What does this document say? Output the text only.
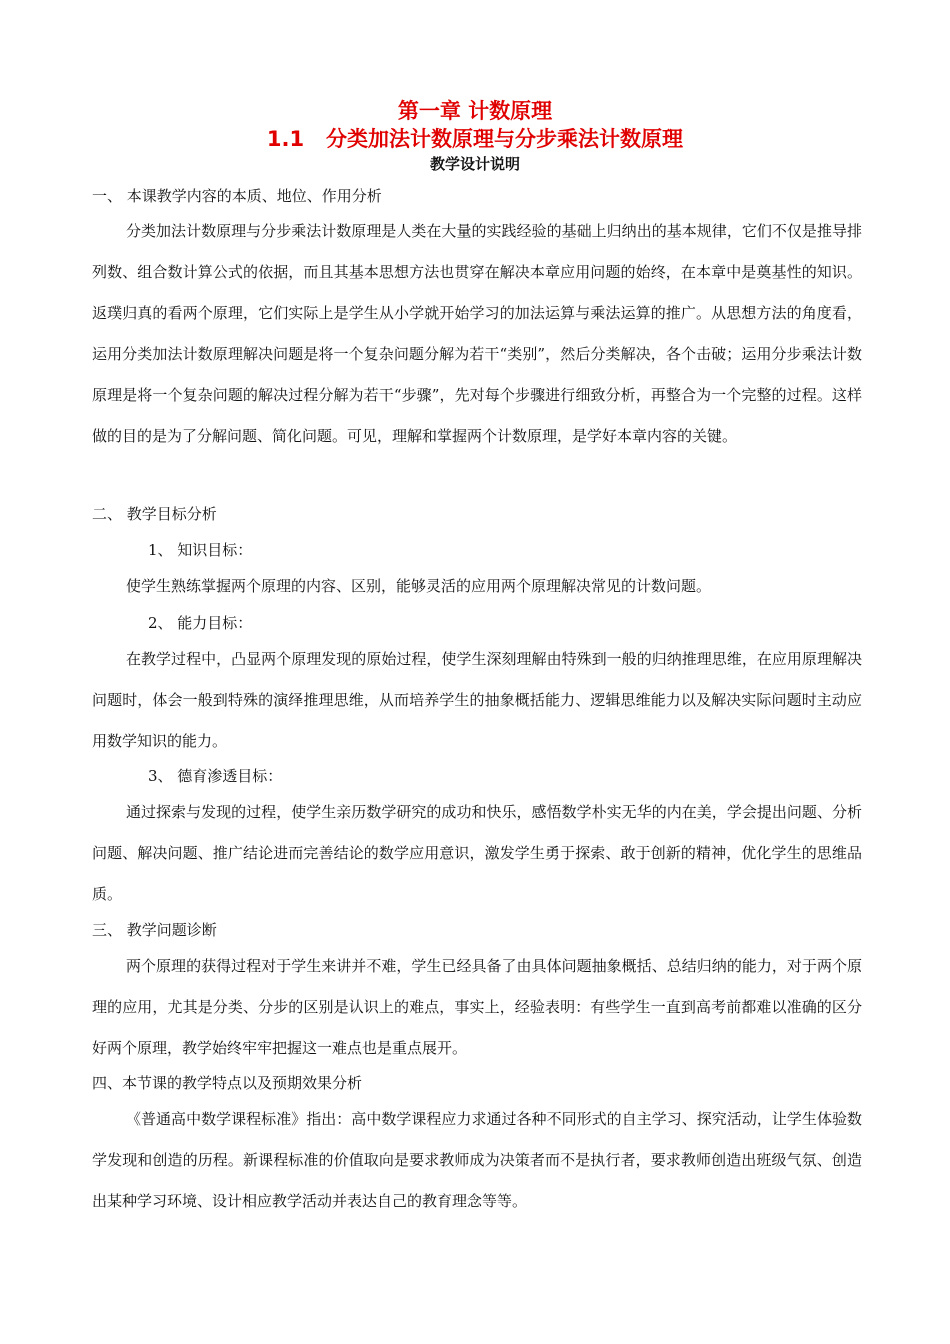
第一章 计数原理
1.1   分类加法计数原理与分步乘法计数原理
教学设计说明
一、 本课教学内容的本质、地位、作用分析
分类加法计数原理与分步乘法计数原理是人类在大量的实践经验的基础上归纳出的基本规律，它们不仅是推导排列数、组合数计算公式的依据，而且其基本思想方法也贯穿在解决本章应用问题的始终，在本章中是奠基性的知识。返璞归真的看两个原理，它们实际上是学生从小学就开始学习的加法运算与乘法运算的推广。从思想方法的角度看，运用分类加法计数原理解决问题是将一个复杂问题分解为若干“类别”，然后分类解决，各个击破；运用分步乘法计数原理是将一个复杂问题的解决过程分解为若干“步骤”，先对每个步骤进行细致分析，再整合为一个完整的过程。这样做的目的是为了分解问题、简化问题。可见，理解和掌握两个计数原理，是学好本章内容的关键。
二、 教学目标分析
1、 知识目标：
使学生熟练掌握两个原理的内容、区别，能够灵活的应用两个原理解决常见的计数问题。
2、 能力目标：
在教学过程中，凸显两个原理发现的原始过程，使学生深刻理解由特殊到一般的归纳推理思维，在应用原理解决问题时，体会一般到特殊的演绎推理思维，从而培养学生的抽象概括能力、逻辑思维能力以及解决实际问题时主动应用数学知识的能力。
3、 德育渗透目标：
通过探索与发现的过程，使学生亲历数学研究的成功和快乐，感悟数学朴实无华的内在美，学会提出问题、分析问题、解决问题、推广结论进而完善结论的数学应用意识，激发学生勇于探索、敢于创新的精神，优化学生的思维品质。
三、 教学问题诊断
两个原理的获得过程对于学生来讲并不难，学生已经具备了由具体问题抽象概括、总结归纳的能力，对于两个原理的应用，尤其是分类、分步的区别是认识上的难点，事实上，经验表明：有些学生一直到高考前都难以准确的区分好两个原理，教学始终牢牢把握这一难点也是重点展开。
四、本节课的教学特点以及预期效果分析
《普通高中数学课程标准》指出：高中数学课程应力求通过各种不同形式的自主学习、探究活动，让学生体验数学发现和创造的历程。新课程标准的价值取向是要求教师成为决策者而不是执行者，要求教师创造出班级气氛、创造出某种学习环境、设计相应教学活动并表达自己的教育理念等等。
